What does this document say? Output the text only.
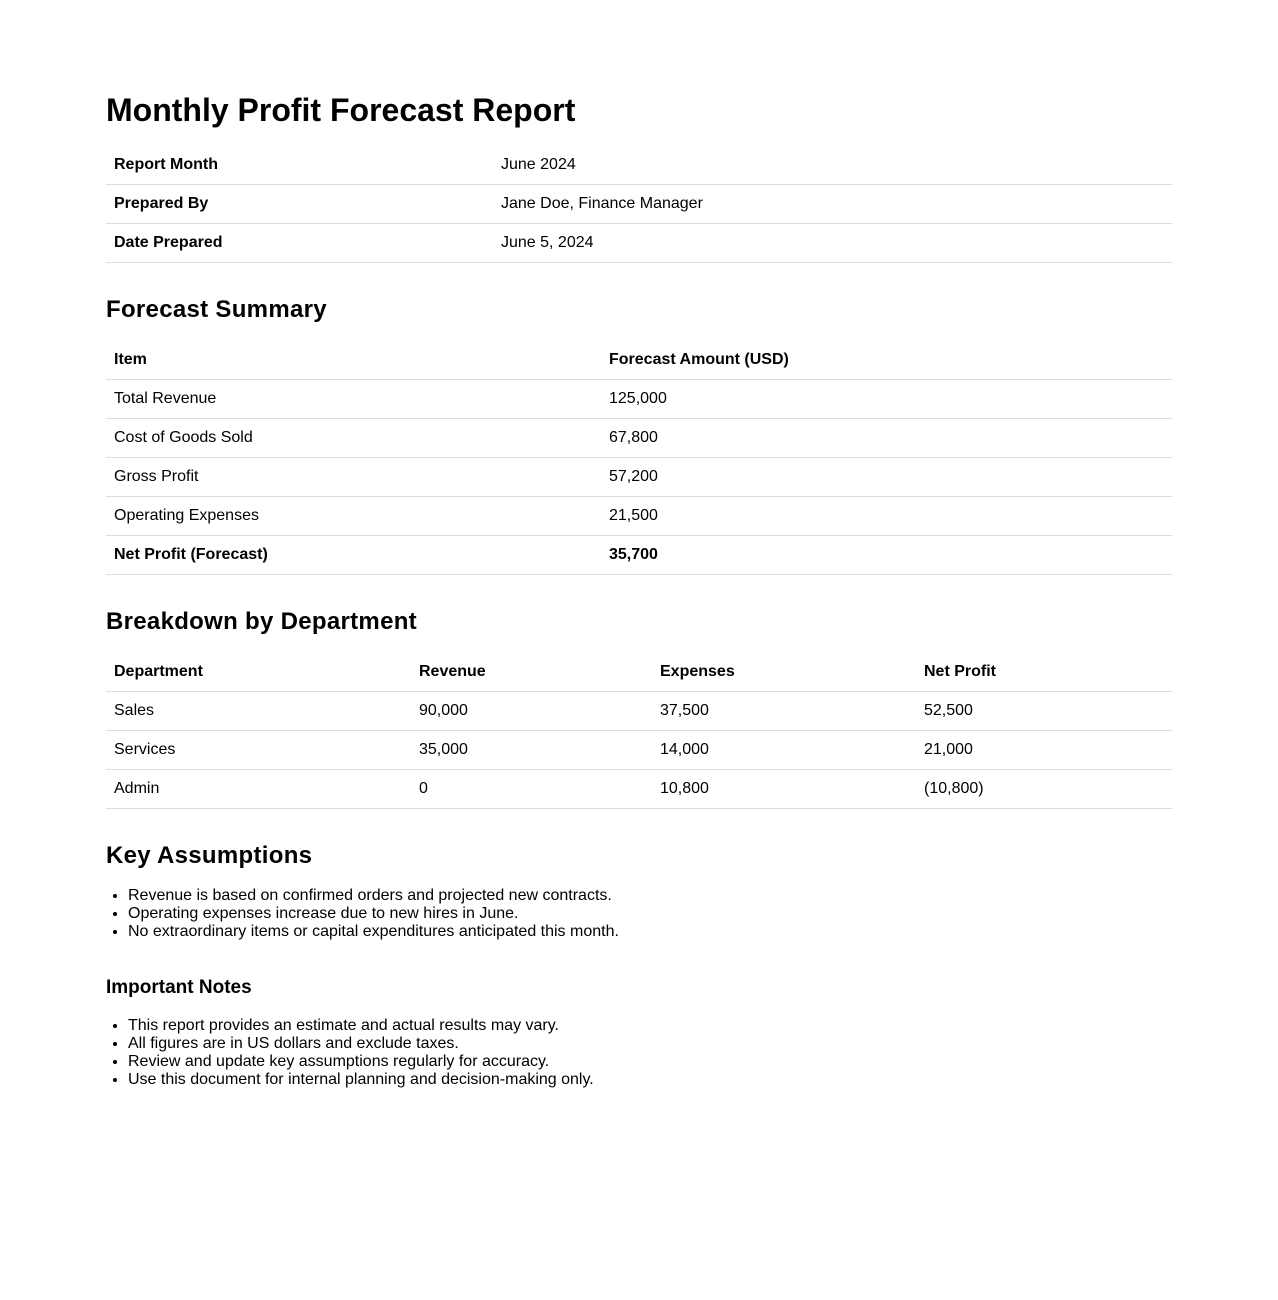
Monthly Profit Forecast Report
Report Month	June 2024
Prepared By	Jane Doe, Finance Manager
Date Prepared	June 5, 2024
Forecast Summary
Item	Forecast Amount (USD)
Total Revenue	125,000
Cost of Goods Sold	67,800
Gross Profit	57,200
Operating Expenses	21,500
Net Profit (Forecast)	35,700
Breakdown by Department
Department	Revenue	Expenses	Net Profit
Sales	90,000	37,500	52,500
Services	35,000	14,000	21,000
Admin	0	10,800	(10,800)
Key Assumptions
• Revenue is based on confirmed orders and projected new contracts.
• Operating expenses increase due to new hires in June.
• No extraordinary items or capital expenditures anticipated this month.
Important Notes
• This report provides an estimate and actual results may vary.
• All figures are in US dollars and exclude taxes.
• Review and update key assumptions regularly for accuracy.
• Use this document for internal planning and decision-making only.
